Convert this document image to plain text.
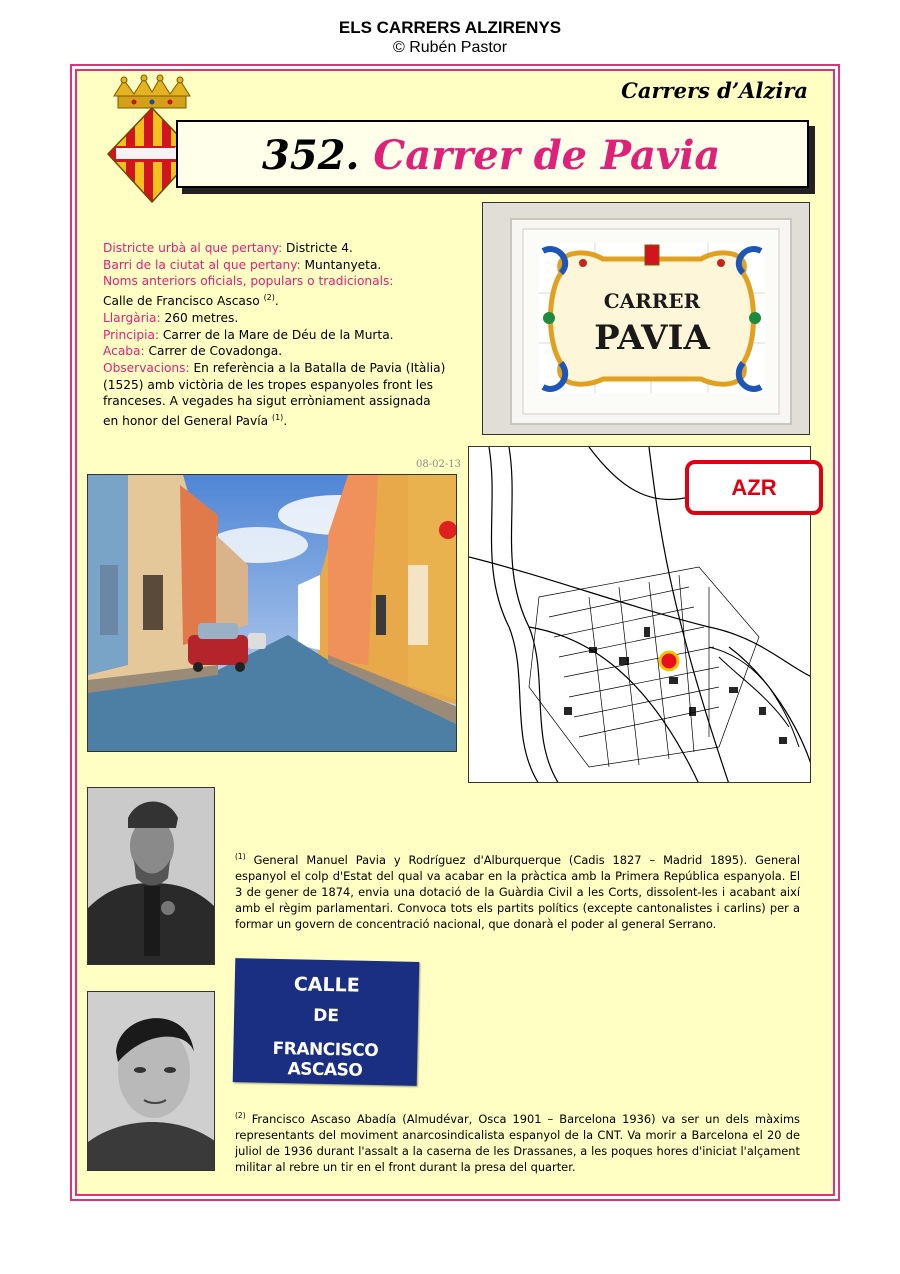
ELS CARRERS ALZIRENYS
© Rubén Pastor
Carrers d’Alzira
352. Carrer de Pavia
Districte urbà al que pertany: Districte 4.
Barri de la ciutat al que pertany: Muntanyeta.
Noms anteriors oficials, populars o tradicionals:
Calle de Francisco Ascaso $^{(2)}$.
Llargària: 260 metres.
Principia: Carrer de la Mare de Déu de la Murta.
Acaba: Carrer de Covadonga.
Observacions: En referència a la Batalla de Pavia (Itàlia) (1525) amb victòria de les tropes espanyoles front les franceses. A vegades ha sigut erròniament assignada en honor del General Pavía $^{(1)}$.
CARRER
PAVIA
08-02-13
AZR
$^{(1)}$ General Manuel Pavia y Rodríguez d'Alburquerque (Cadis 1827 – Madrid 1895). General espanyol el colp d'Estat del qual va acabar en la pràctica amb la Primera República espanyola. El 3 de gener de 1874, envia una dotació de la Guàrdia Civil a les Corts, dissolent-les i acabant així amb el règim parlamentari. Convoca tots els partits polítics (excepte cantonalistes i carlins) per a formar un govern de concentració nacional, que donarà el poder al general Serrano.
CALLE
DE
FRANCISCO ASCASO
$^{(2)}$ Francisco Ascaso Abadía (Almudévar, Osca 1901 – Barcelona 1936) va ser un dels màxims representants del moviment anarcosindicalista espanyol de la CNT. Va morir a Barcelona el 20 de juliol de 1936 durant l'assalt a la caserna de les Drassanes, a les poques hores d'iniciat l'alçament militar al rebre un tir en el front durant la presa del quarter.
